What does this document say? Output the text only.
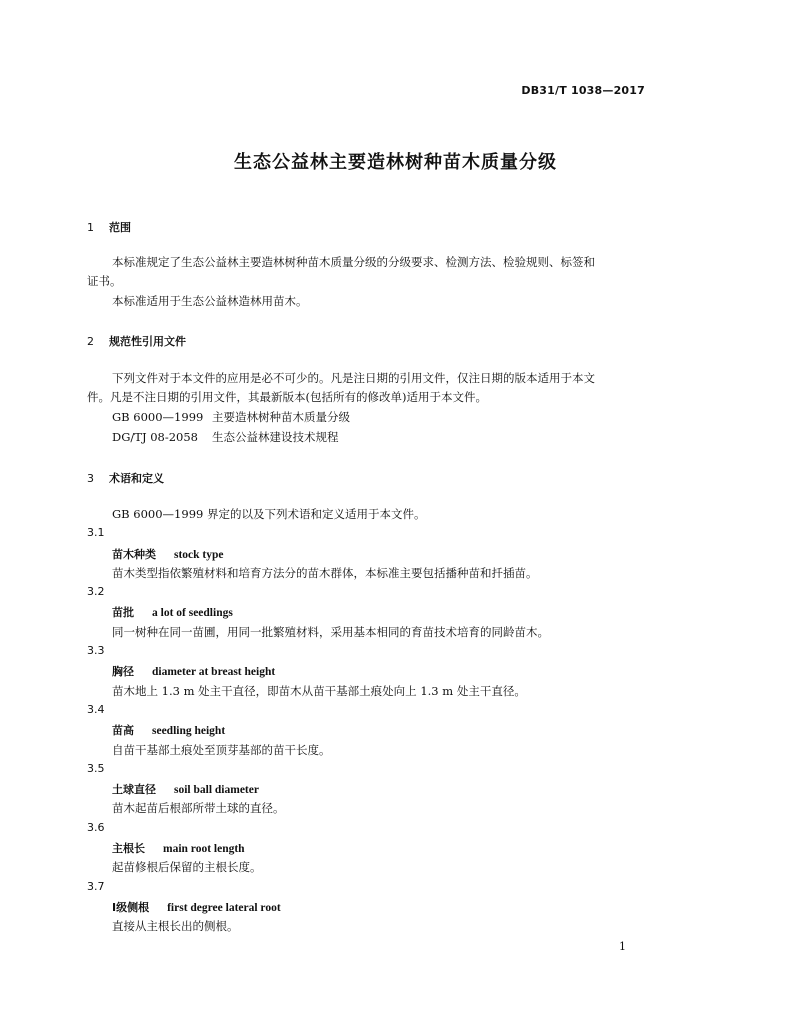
DB31/T 1038—2017
生态公益林主要造林树种苗木质量分级
1 范围
本标准规定了生态公益林主要造林树种苗木质量分级的分级要求、检测方法、检验规则、标签和
证书。
本标准适用于生态公益林造林用苗木。
2 规范性引用文件
下列文件对于本文件的应用是必不可少的。凡是注日期的引用文件，仅注日期的版本适用于本文
件。凡是不注日期的引用文件，其最新版本(包括所有的修改单)适用于本文件。
GB 6000—1999 主要造林树种苗木质量分级
DG/TJ 08-2058 生态公益林建设技术规程
3 术语和定义
GB 6000—1999 界定的以及下列术语和定义适用于本文件。
3.1
苗木种类 stock type
苗木类型指依繁殖材料和培育方法分的苗木群体，本标准主要包括播种苗和扦插苗。
3.2
苗批 a lot of seedlings
同一树种在同一苗圃，用同一批繁殖材料，采用基本相同的育苗技术培育的同龄苗木。
3.3
胸径 diameter at breast height
苗木地上 1.3 m 处主干直径，即苗木从苗干基部土痕处向上 1.3 m 处主干直径。
3.4
苗高 seedling height
自苗干基部土痕处至顶芽基部的苗干长度。
3.5
土球直径 soil ball diameter
苗木起苗后根部所带土球的直径。
3.6
主根长 main root length
起苗修根后保留的主根长度。
3.7
Ⅰ级侧根 first degree lateral root
直接从主根长出的侧根。
1
